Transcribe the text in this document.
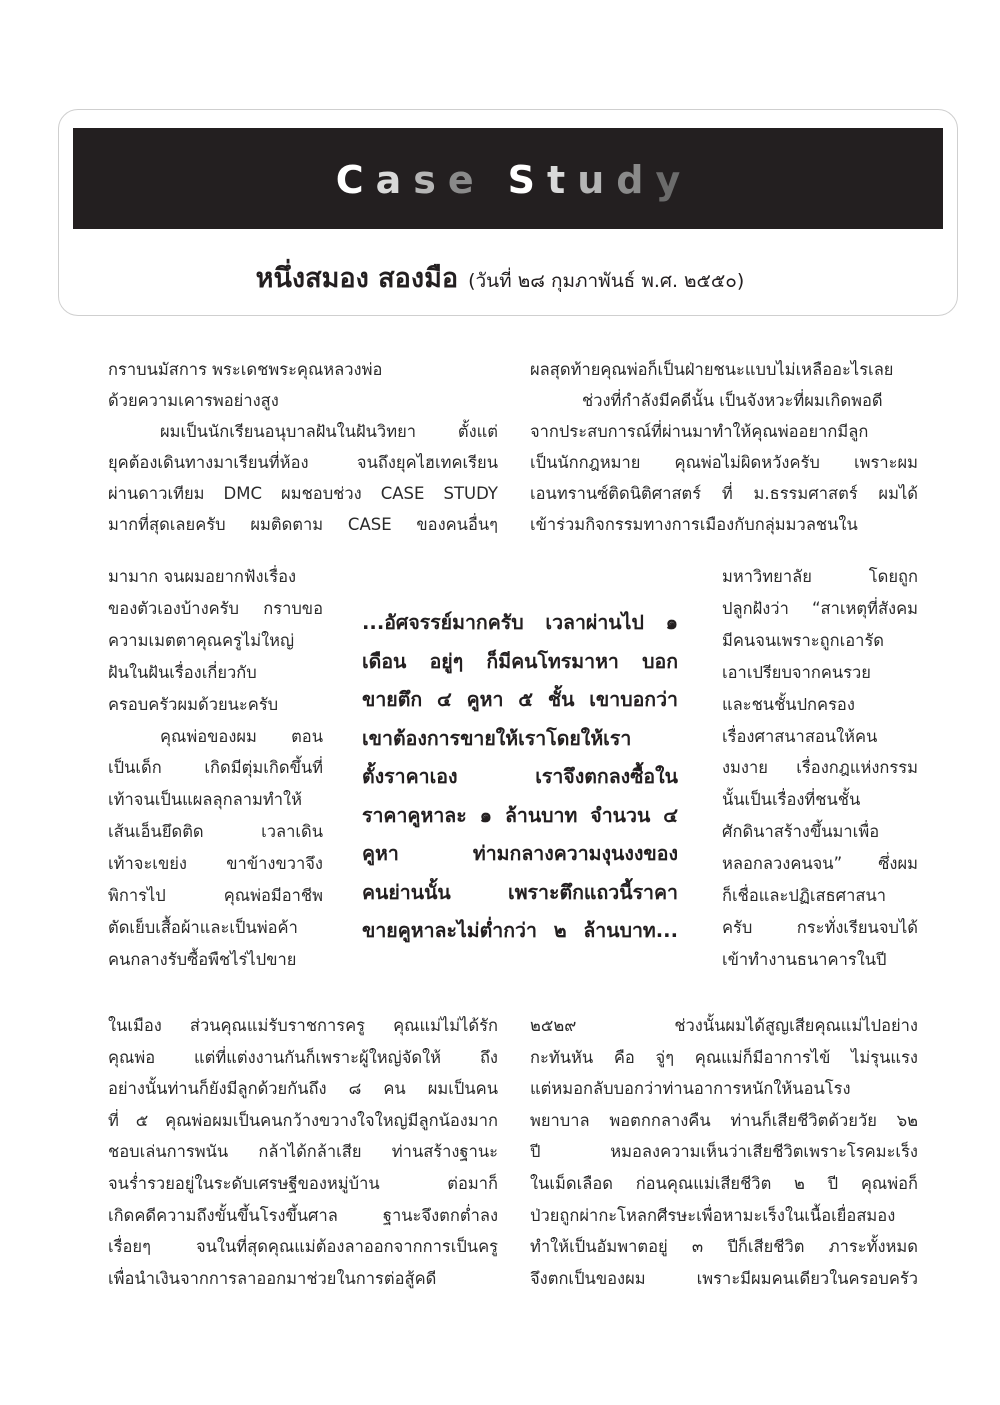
C a s e S t u d y
หนึ่งสมอง สองมือ (วันที่ ๒๘ กุมภาพันธ์ พ.ศ. ๒๕๕๐)

กราบนมัสการ พระเดชพระคุณหลวงพ่อ

ด้วยความเคารพอย่างสูง

ผมเป็นนักเรียนอนุบาลฝันในฝันวิทยา ตั้งแต่

ยุคต้องเดินทางมาเรียนที่ห้อง จนถึงยุคไฮเทคเรียน

ผ่านดาวเทียม DMC ผมชอบช่วง CASE STUDY

มากที่สุดเลยครับ ผมติดตาม CASE ของคนอื่นๆ

มามาก จนผมอยากฟังเรื่อง

ของตัวเองบ้างครับ กราบขอ

ความเมตตาคุณครูไม่ใหญ่

ฝันในฝันเรื่องเกี่ยวกับ

ครอบครัวผมด้วยนะครับ

คุณพ่อของผม ตอน

เป็นเด็ก เกิดมีตุ่มเกิดขึ้นที่

เท้าจนเป็นแผลลุกลามทำให้

เส้นเอ็นยึดติด เวลาเดิน

เท้าจะเขย่ง ขาข้างขวาจึง

พิการไป คุณพ่อมีอาชีพ

ตัดเย็บเสื้อผ้าและเป็นพ่อค้า

คนกลางรับซื้อพืชไร่ไปขาย

ในเมือง ส่วนคุณแม่รับราชการครู คุณแม่ไม่ได้รัก

คุณพ่อ แต่ที่แต่งงานกันก็เพราะผู้ใหญ่จัดให้ ถึง

อย่างนั้นท่านก็ยังมีลูกด้วยกันถึง ๘ คน ผมเป็นคน

ที่ ๕ คุณพ่อผมเป็นคนกว้างขวางใจใหญ่มีลูกน้องมาก

ชอบเล่นการพนัน กล้าได้กล้าเสีย ท่านสร้างฐานะ

จนร่ำรวยอยู่ในระดับเศรษฐีของหมู่บ้าน ต่อมาก็

เกิดคดีความถึงขั้นขึ้นโรงขึ้นศาล ฐานะจึงตกต่ำลง

เรื่อยๆ จนในที่สุดคุณแม่ต้องลาออกจากการเป็นครู

เพื่อนำเงินจากการลาออกมาช่วยในการต่อสู้คดี

ผลสุดท้ายคุณพ่อก็เป็นฝ่ายชนะแบบไม่เหลืออะไรเลย

ช่วงที่กำลังมีคดีนั้น เป็นจังหวะที่ผมเกิดพอดี

จากประสบการณ์ที่ผ่านมาทำให้คุณพ่ออยากมีลูก

เป็นนักกฎหมาย คุณพ่อไม่ผิดหวังครับ เพราะผม

เอนทรานซ์ติดนิติศาสตร์ ที่ ม.ธรรมศาสตร์ ผมได้

เข้าร่วมกิจกรรมทางการเมืองกับกลุ่มมวลชนใน

มหาวิทยาลัย โดยถูก

ปลูกฝังว่า “สาเหตุที่สังคม

มีคนจนเพราะถูกเอารัด

เอาเปรียบจากคนรวย

และชนชั้นปกครอง

เรื่องศาสนาสอนให้คน

งมงาย เรื่องกฎแห่งกรรม

นั้นเป็นเรื่องที่ชนชั้น

ศักดินาสร้างขึ้นมาเพื่อ

หลอกลวงคนจน” ซึ่งผม

ก็เชื่อและปฏิเสธศาสนา

ครับ กระทั่งเรียนจบได้

เข้าทำงานธนาคารในปี

๒๕๒๙ ช่วงนั้นผมได้สูญเสียคุณแม่ไปอย่าง

กะทันหัน คือ จู่ๆ คุณแม่ก็มีอาการไข้ ไม่รุนแรง

แต่หมอกลับบอกว่าท่านอาการหนักให้นอนโรง

พยาบาล พอตกกลางคืน ท่านก็เสียชีวิตด้วยวัย ๖๒

ปี หมอลงความเห็นว่าเสียชีวิตเพราะโรคมะเร็ง

ในเม็ดเลือด ก่อนคุณแม่เสียชีวิต ๒ ปี คุณพ่อก็

ป่วยถูกผ่ากะโหลกศีรษะเพื่อหามะเร็งในเนื้อเยื่อสมอง

ทำให้เป็นอัมพาตอยู่ ๓ ปีก็เสียชีวิต ภาระทั้งหมด

จึงตกเป็นของผม เพราะมีผมคนเดียวในครอบครัว

...อัศจรรย์มากครับ เวลาผ่านไป ๑

เดือน อยู่ๆ ก็มีคนโทรมาหา บอก

ขายตึก ๔ คูหา ๕ ชั้น เขาบอกว่า

เขาต้องการขายให้เราโดยให้เรา

ตั้งราคาเอง เราจึงตกลงซื้อใน

ราคาคูหาละ ๑ ล้านบาท จำนวน ๔

คูหา ท่ามกลางความงุนงงของ

คนย่านนั้น เพราะตึกแถวนี้ราคา

ขายคูหาละไม่ต่ำกว่า ๒ ล้านบาท...
